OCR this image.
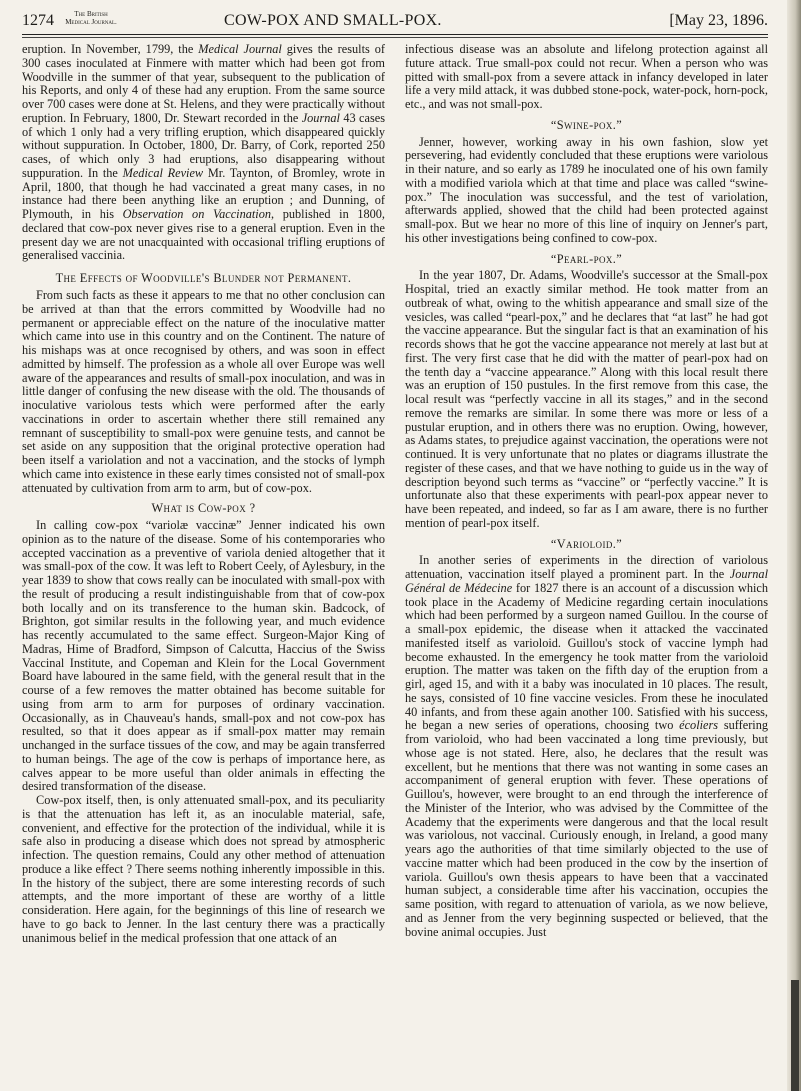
1274	The British
Medical Journal.	COW-POX AND SMALL-POX.	[May 23, 1896.

eruption. In November, 1799, the Medical Journal gives the results of 300 cases inoculated at Finmere with matter which had been got from Woodville in the summer of that year, subsequent to the publication of his Reports, and only 4 of these had any eruption. From the same source over 700 cases were done at St. Helens, and they were practically without eruption. In February, 1800, Dr. Stewart recorded in the Journal 43 cases of which 1 only had a very trifling eruption, which disappeared quickly without suppuration. In October, 1800, Dr. Barry, of Cork, reported 250 cases, of which only 3 had eruptions, also disappearing without suppuration. In the Medical Review Mr. Taynton, of Bromley, wrote in April, 1800, that though he had vaccinated a great many cases, in no instance had there been anything like an eruption ; and Dunning, of Plymouth, in his Observation on Vaccination, published in 1800, declared that cow-pox never gives rise to a general eruption. Even in the present day we are not unacquainted with occasional trifling eruptions of generalised vaccinia.

The Effects of Woodville's Blunder not Permanent.

From such facts as these it appears to me that no other conclusion can be arrived at than that the errors committed by Woodville had no permanent or appreciable effect on the nature of the inoculative matter which came into use in this country and on the Continent. The nature of his mishaps was at once recognised by others, and was soon in effect admitted by himself. The profession as a whole all over Europe was well aware of the appearances and results of small-pox inoculation, and was in little danger of confusing the new disease with the old. The thousands of inoculative variolous tests which were performed after the early vaccinations in order to ascertain whether there still remained any remnant of susceptibility to small-pox were genuine tests, and cannot be set aside on any supposition that the original protective operation had been itself a variolation and not a vaccination, and the stocks of lymph which came into existence in these early times consisted not of small-pox attenuated by cultivation from arm to arm, but of cow-pox.

What is Cow-pox ?

In calling cow-pox “variolæ vaccinæ” Jenner indicated his own opinion as to the nature of the disease. Some of his contemporaries who accepted vaccination as a preventive of variola denied altogether that it was small-pox of the cow. It was left to Robert Ceely, of Aylesbury, in the year 1839 to show that cows really can be inoculated with small-pox with the result of producing a result indistinguishable from that of cow-pox both locally and on its transference to the human skin. Badcock, of Brighton, got similar results in the following year, and much evidence has recently accumulated to the same effect. Surgeon-Major King of Madras, Hime of Bradford, Simpson of Calcutta, Haccius of the Swiss Vaccinal Institute, and Copeman and Klein for the Local Government Board have laboured in the same field, with the general result that in the course of a few removes the matter obtained has become suitable for using from arm to arm for purposes of ordinary vaccination. Occasionally, as in Chauveau's hands, small-pox and not cow-pox has resulted, so that it does appear as if small-pox matter may remain unchanged in the surface tissues of the cow, and may be again transferred to human beings. The age of the cow is perhaps of importance here, as calves appear to be more useful than older animals in effecting the desired transformation of the disease.

Cow-pox itself, then, is only attenuated small-pox, and its peculiarity is that the attenuation has left it, as an inoculable material, safe, convenient, and effective for the protection of the individual, while it is safe also in producing a disease which does not spread by atmospheric infection. The question remains, Could any other method of attenuation produce a like effect ? There seems nothing inherently impossible in this. In the history of the subject, there are some interesting records of such attempts, and the more important of these are worthy of a little consideration. Here again, for the beginnings of this line of research we have to go back to Jenner. In the last century there was a practically unanimous belief in the medical profession that one attack of an

infectious disease was an absolute and lifelong protection against all future attack. True small-pox could not recur. When a person who was pitted with small-pox from a severe attack in infancy developed in later life a very mild attack, it was dubbed stone-pock, water-pock, horn-pock, etc., and was not small-pox.

“Swine-pox.”

Jenner, however, working away in his own fashion, slow yet persevering, had evidently concluded that these eruptions were variolous in their nature, and so early as 1789 he inoculated one of his own family with a modified variola which at that time and place was called “swine-pox.” The inoculation was successful, and the test of variolation, afterwards applied, showed that the child had been protected against small-pox. But we hear no more of this line of inquiry on Jenner's part, his other investigations being confined to cow-pox.

“Pearl-pox.”

In the year 1807, Dr. Adams, Woodville's successor at the Small-pox Hospital, tried an exactly similar method. He took matter from an outbreak of what, owing to the whitish appearance and small size of the vesicles, was called “pearl-pox,” and he declares that “at last” he had got the vaccine appearance. But the singular fact is that an examination of his records shows that he got the vaccine appearance not merely at last but at first. The very first case that he did with the matter of pearl-pox had on the tenth day a “vaccine appearance.” Along with this local result there was an eruption of 150 pustules. In the first remove from this case, the local result was “perfectly vaccine in all its stages,” and in the second remove the remarks are similar. In some there was more or less of a pustular eruption, and in others there was no eruption. Owing, however, as Adams states, to prejudice against vaccination, the operations were not continued. It is very unfortunate that no plates or diagrams illustrate the register of these cases, and that we have nothing to guide us in the way of description beyond such terms as “vaccine” or “perfectly vaccine.” It is unfortunate also that these experiments with pearl-pox appear never to have been repeated, and indeed, so far as I am aware, there is no further mention of pearl-pox itself.

“Varioloid.”

In another series of experiments in the direction of variolous attenuation, vaccination itself played a prominent part. In the Journal Général de Médecine for 1827 there is an account of a discussion which took place in the Academy of Medicine regarding certain inoculations which had been performed by a surgeon named Guillou. In the course of a small-pox epidemic, the disease when it attacked the vaccinated manifested itself as varioloid. Guillou's stock of vaccine lymph had become exhausted. In the emergency he took matter from the varioloid eruption. The matter was taken on the fifth day of the eruption from a girl, aged 15, and with it a baby was inoculated in 10 places. The result, he says, consisted of 10 fine vaccine vesicles. From these he inoculated 40 infants, and from these again another 100. Satisfied with his success, he began a new series of operations, choosing two écoliers suffering from varioloid, who had been vaccinated a long time previously, but whose age is not stated. Here, also, he declares that the result was excellent, but he mentions that there was not wanting in some cases an accompaniment of general eruption with fever. These operations of Guillou's, however, were brought to an end through the interference of the Minister of the Interior, who was advised by the Committee of the Academy that the experiments were dangerous and that the local result was variolous, not vaccinal. Curiously enough, in Ireland, a good many years ago the authorities of that time similarly objected to the use of vaccine matter which had been produced in the cow by the insertion of variola. Guillou's own thesis appears to have been that a vaccinated human subject, a considerable time after his vaccination, occupies the same position, with regard to attenuation of variola, as we now believe, and as Jenner from the very beginning suspected or believed, that the bovine animal occupies. Just
